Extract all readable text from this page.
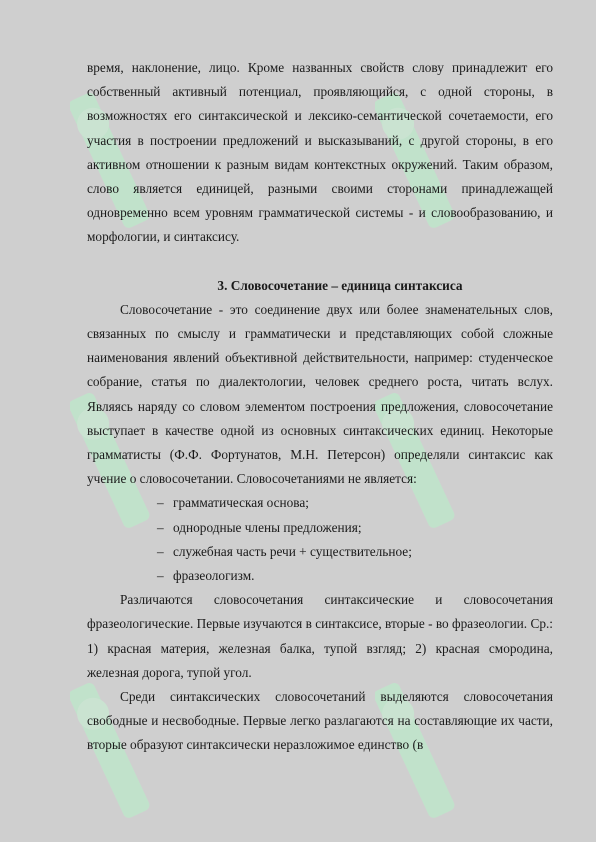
время, наклонение, лицо. Кроме названных свойств слову принадлежит его собственный активный потенциал, проявляющийся, с одной стороны, в возможностях его синтаксической и лексико-семантической сочетаемости, его участия в построении предложений и высказываний, с другой стороны, в его активном отношении к разным видам контекстных окружений. Таким образом, слово является единицей, разными своими сторонами принадлежащей одновременно всем уровням грамматической системы - и словообразованию, и морфологии, и синтаксису.

3. Словосочетание – единица синтаксиса

Словосочетание - это соединение двух или более знаменательных слов, связанных по смыслу и грамматически и представляющих собой сложные наименования явлений объективной действительности, например: студенческое собрание, статья по диалектологии, человек среднего роста, читать вслух. Являясь наряду со словом элементом построения предложения, словосочетание выступает в качестве одной из основных синтаксических единиц. Некоторые грамматисты (Ф.Ф. Фортунатов, М.Н. Петерсон) определяли синтаксис как учение о словосочетании. Словосочетаниями не является:

– грамматическая основа;
– однородные члены предложения;
– служебная часть речи + существительное;
– фразеологизм.

Различаются словосочетания синтаксические и словосочетания фразеологические. Первые изучаются в синтаксисе, вторые - во фразеологии. Ср.: 1) красная материя, железная балка, тупой взгляд; 2) красная смородина, железная дорога, тупой угол.

Среди синтаксических словосочетаний выделяются словосочетания свободные и несвободные. Первые легко разлагаются на составляющие их части, вторые образуют синтаксически неразложимое единство (в
